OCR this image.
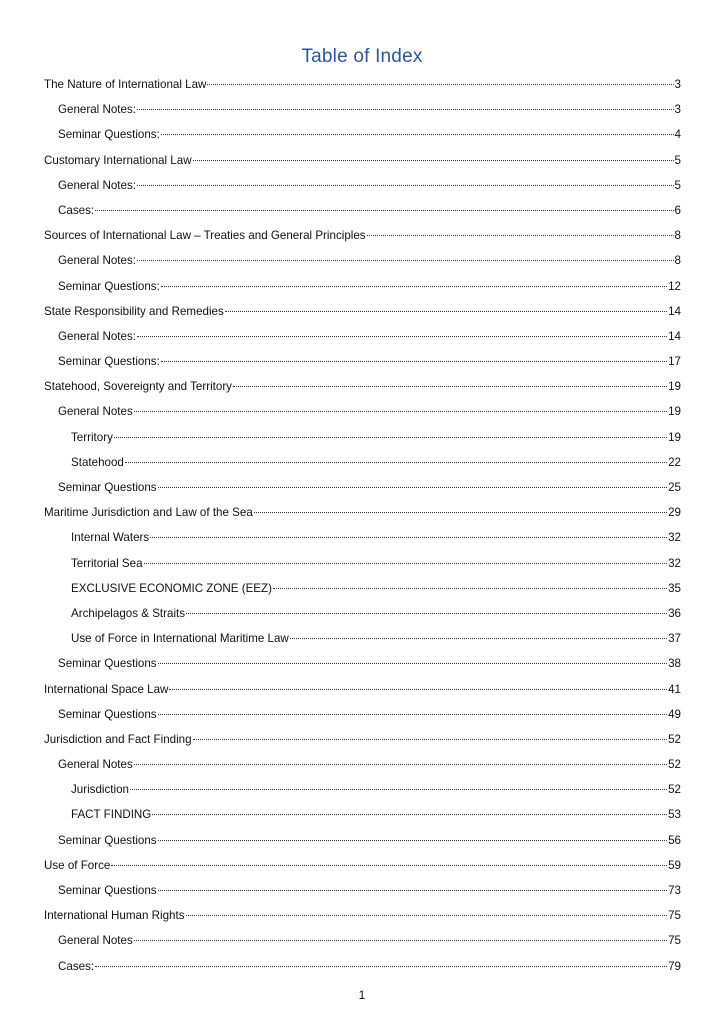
Table of Index
The Nature of International Law	3
General Notes:	3
Seminar Questions:	4
Customary International Law	5
General Notes:	5
Cases:	6
Sources of International Law – Treaties and General Principles	8
General Notes:	8
Seminar Questions:	12
State Responsibility and Remedies	14
General Notes:	14
Seminar Questions:	17
Statehood, Sovereignty and Territory	19
General Notes	19
Territory	19
Statehood	22
Seminar Questions	25
Maritime Jurisdiction and Law of the Sea	29
Internal Waters	32
Territorial Sea	32
EXCLUSIVE ECONOMIC ZONE (EEZ)	35
Archipelagos & Straits	36
Use of Force in International Maritime Law	37
Seminar Questions	38
International Space Law	41
Seminar Questions	49
Jurisdiction and Fact Finding	52
General Notes	52
Jurisdiction	52
FACT FINDING	53
Seminar Questions	56
Use of Force	59
Seminar Questions	73
International Human Rights	75
General Notes	75
Cases:	79
1
